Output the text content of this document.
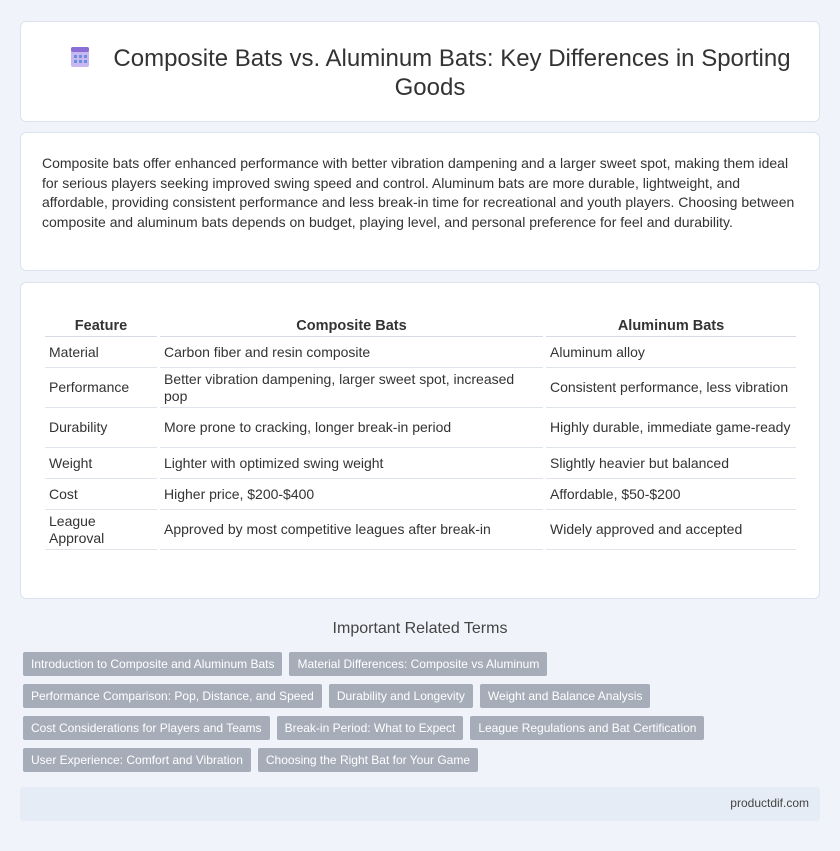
Composite Bats vs. Aluminum Bats: Key Differences in Sporting Goods

Composite bats offer enhanced performance with better vibration dampening and a larger sweet spot, making them ideal for serious players seeking improved swing speed and control. Aluminum bats are more durable, lightweight, and affordable, providing consistent performance and less break-in time for recreational and youth players. Choosing between composite and aluminum bats depends on budget, playing level, and personal preference for feel and durability.

Feature	Composite Bats	Aluminum Bats
Material	Carbon fiber and resin composite	Aluminum alloy
Performance	Better vibration dampening, larger sweet spot, increased pop	Consistent performance, less vibration
Durability	More prone to cracking, longer break-in period	Highly durable, immediate game-ready
Weight	Lighter with optimized swing weight	Slightly heavier but balanced
Cost	Higher price, $200-$400	Affordable, $50-$200
League Approval	Approved by most competitive leagues after break-in	Widely approved and accepted
Important Related Terms
Introduction to Composite and Aluminum Bats	Material Differences: Composite vs Aluminum
Performance Comparison: Pop, Distance, and Speed	Durability and Longevity	Weight and Balance Analysis
Cost Considerations for Players and Teams	Break-in Period: What to Expect	League Regulations and Bat Certification
User Experience: Comfort and Vibration	Choosing the Right Bat for Your Game
productdif.com
